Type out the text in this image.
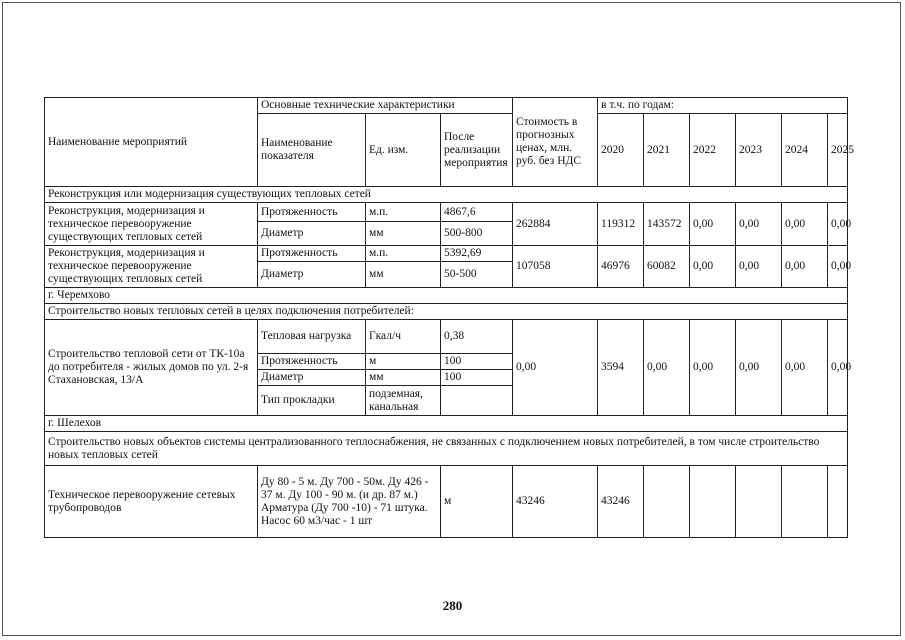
Наименование мероприятий	Основные технические характеристики			Стоимость в прогнозных ценах, млн. руб. без НДС	в т.ч. по годам:					
	Наименование показателя	Ед. изм.	После реализации мероприятия		2020	2021	2022	2023	2024	2025
Реконструкция или модернизация существующих тепловых сетей										
Реконструкция, модернизация и техническое перевооружение существующих тепловых сетей	Протяженность	м.п.	4867,6	262884	119312	143572	0,00	0,00	0,00	0,00
	Диаметр	мм	500-800							
Реконструкция, модернизация и техническое перевооружение существующих тепловых сетей	Протяженность	м.п.	5392,69	107058	46976	60082	0,00	0,00	0,00	0,00
	Диаметр	мм	50-500							
г. Черемхово										
Строительство новых тепловых сетей в целях подключения потребителей:										
Строительство тепловой сети от ТК-10а до потребителя - жилых домов по ул. 2-я Стахановская, 13/А	Тепловая нагрузка	Гкал/ч	0,38	0,00	3594	0,00	0,00	0,00	0,00	0,00
	Протяженность	м	100							
	Диаметр	мм	100							
	Тип прокладки	подземная, канальная								
г. Шелехов										
Строительство новых объектов системы централизованного теплоснабжения, не связанных с подключением новых потребителей, в том числе строительство новых тепловых сетей										
Техническое перевооружение сетевых трубопроводов	Ду 80 - 5 м. Ду 700 - 50м. Ду 426 - 37 м. Ду 100 - 90 м. (и др. 87 м.) Арматура (Ду 700 -10) - 71 штука. Насос 60 м3/час - 1 шт		м	43246	43246					
280
